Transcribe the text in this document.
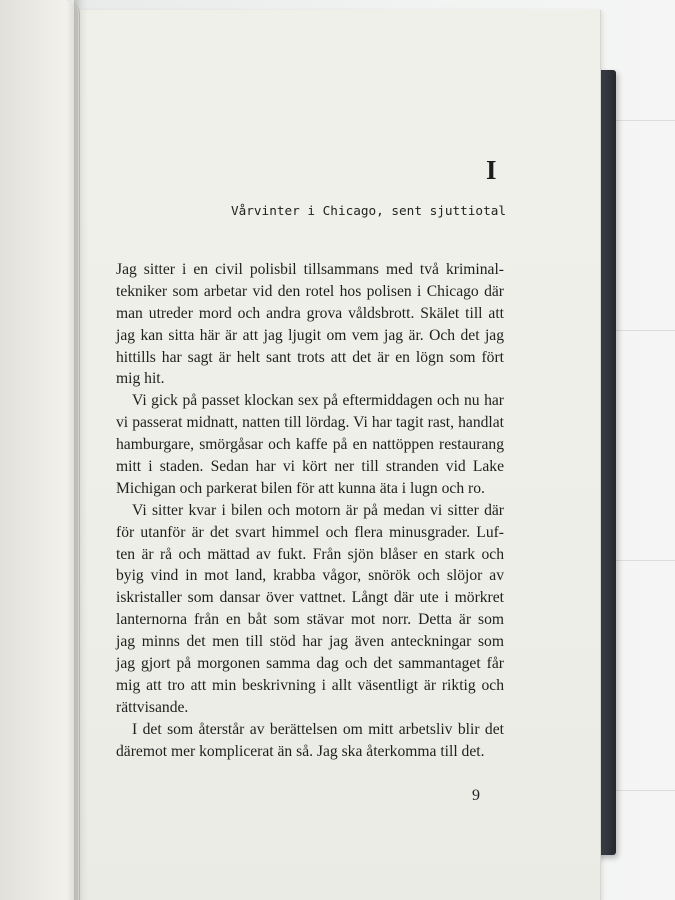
I
Vårvinter i Chicago, sent sjuttiotal
Jag sitter i en civil polisbil tillsammans med två kriminal-
tekniker som arbetar vid den rotel hos polisen i Chicago där
man utreder mord och andra grova våldsbrott. Skälet till att
jag kan sitta här är att jag ljugit om vem jag är. Och det jag
hittills har sagt är helt sant trots att det är en lögn som fört
mig hit.
Vi gick på passet klockan sex på eftermiddagen och nu har
vi passerat midnatt, natten till lördag. Vi har tagit rast, handlat
hamburgare, smörgåsar och kaffe på en nattöppen restaurang
mitt i staden. Sedan har vi kört ner till stranden vid Lake
Michigan och parkerat bilen för att kunna äta i lugn och ro.
Vi sitter kvar i bilen och motorn är på medan vi sitter där
för utanför är det svart himmel och flera minusgrader. Luf-
ten är rå och mättad av fukt. Från sjön blåser en stark och
byig vind in mot land, krabba vågor, snörök och slöjor av
iskristaller som dansar över vattnet. Långt där ute i mörkret
lanternorna från en båt som stävar mot norr. Detta är som
jag minns det men till stöd har jag även anteckningar som
jag gjort på morgonen samma dag och det sammantaget får
mig att tro att min beskrivning i allt väsentligt är riktig och
rättvisande.
I det som återstår av berättelsen om mitt arbetsliv blir det
däremot mer komplicerat än så. Jag ska återkomma till det.
9
